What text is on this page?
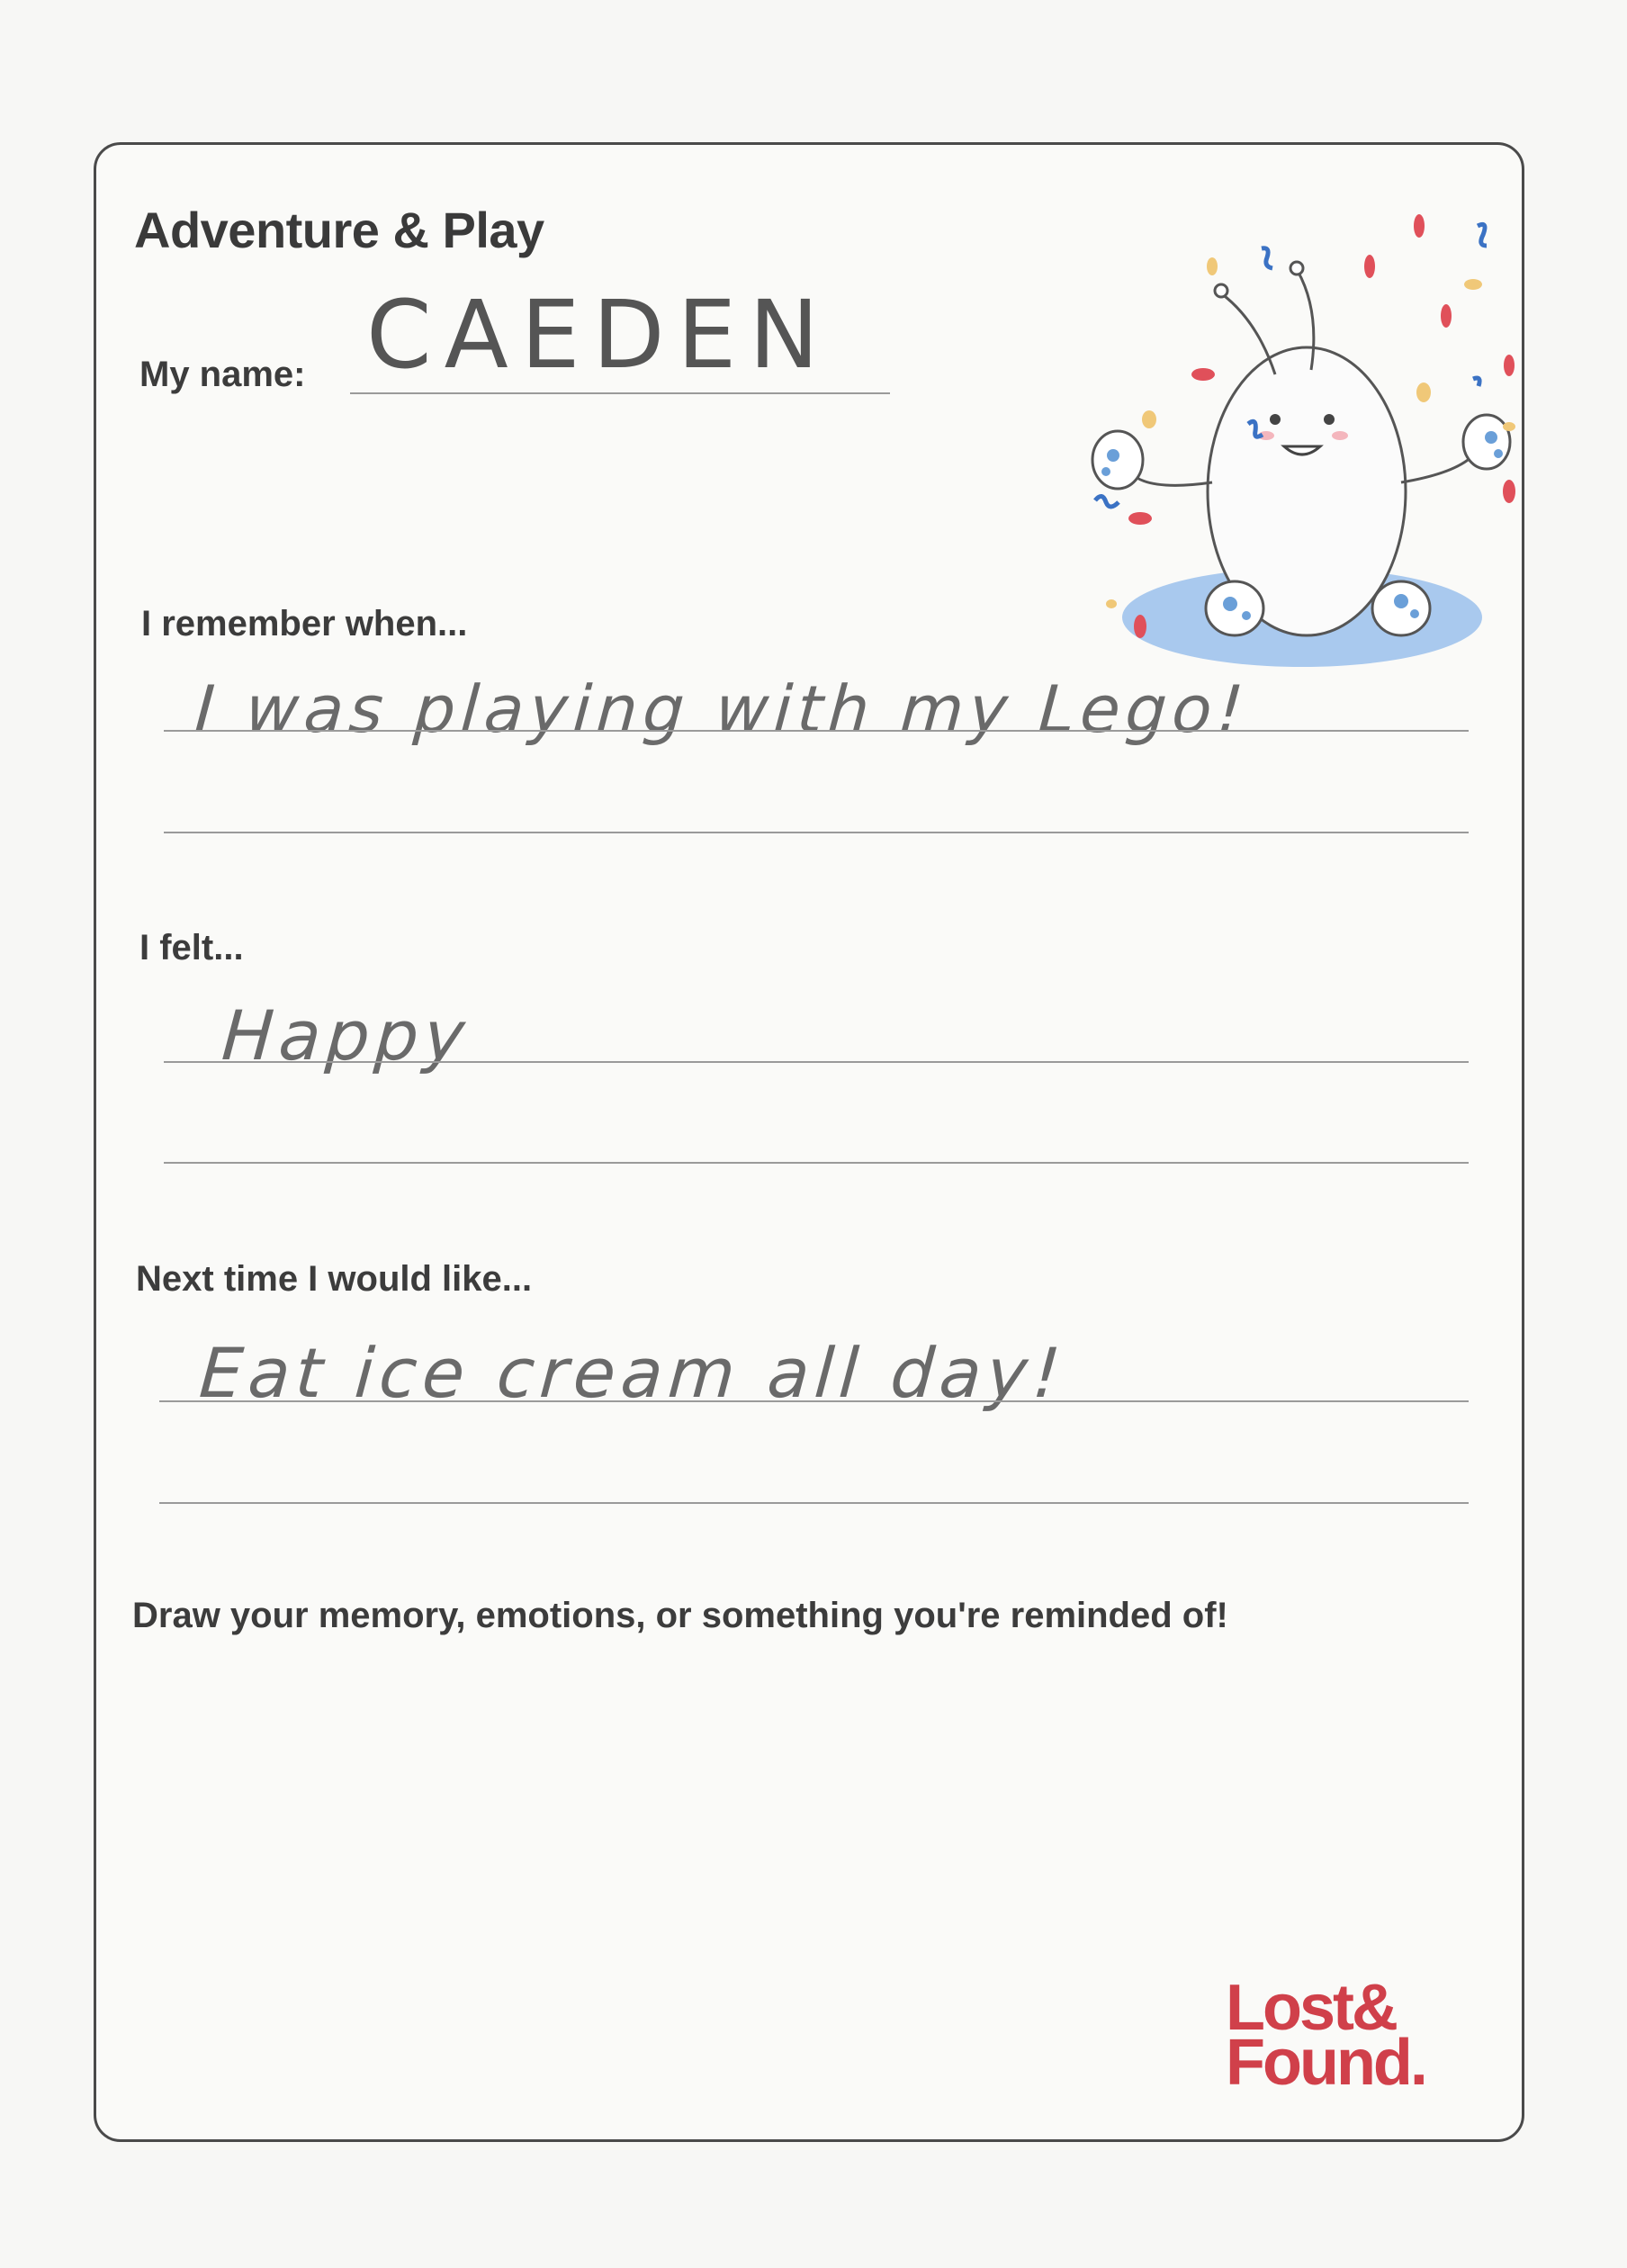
Adventure & Play

My name: CAEDEN

I remember when...

I was playing with my Lego!

I felt...

Happy

Next time I would like...

Eat ice cream all day!

Draw your memory, emotions, or something you're reminded of!

Lost&
Found.
